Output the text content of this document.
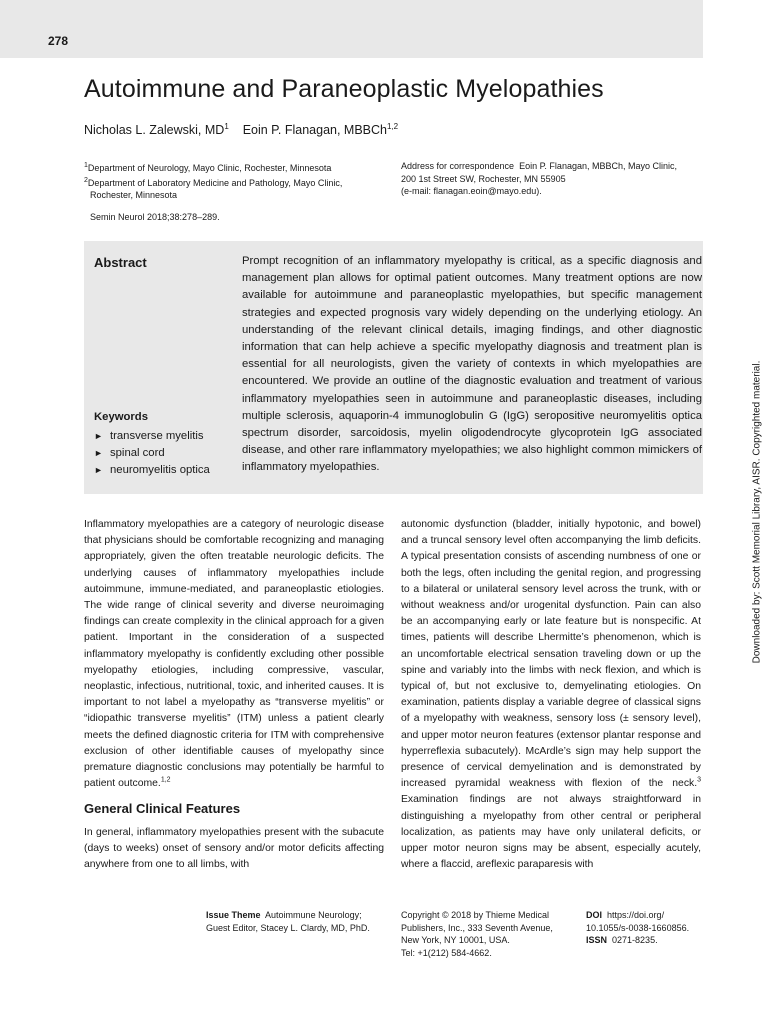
278
Autoimmune and Paraneoplastic Myelopathies
Nicholas L. Zalewski, $MD^1$ Eoin P. Flanagan, MBBCh$^{1,2}$
$^1$Department of Neurology, Mayo Clinic, Rochester, Minnesota
$^2$Department of Laboratory Medicine and Pathology, Mayo Clinic,
Rochester, Minnesota
Address for correspondence Eoin P. Flanagan, MBBCh, Mayo Clinic,
200 1st Street SW, Rochester, MN 55905
(e-mail: flanagan.eoin@mayo.edu).
Semin Neurol 2018;38:278–289.
Abstract	Prompt recognition of an inflammatory myelopathy is critical, as a specific diagnosis and management plan allows for optimal patient outcomes. Many treatment options are now available for autoimmune and paraneoplastic myelopathies, but specific management strategies and expected prognosis vary widely depending on the underlying etiology. An understanding of the relevant clinical details, imaging findings, and other diagnostic information that can help achieve a specific myelopathy diagnosis and treatment plan is essential for all neurologists, given the variety of contexts in which myelopathies are encountered. We provide an outline of the diagnostic evaluation and treatment of various inflammatory myelopathies seen in autoimmune and paraneoplastic diseases, including multiple sclerosis, aquaporin-4 immunoglobulin G (IgG) seropositive neuromyelitis optica spectrum disorder, sarcoidosis, myelin oligodendrocyte glycoprotein IgG associated disease, and other rare inflammatory myelopathies; we also highlight common mimickers of inflammatory myelopathies.

Keywords
► transverse myelitis
► spinal cord
► neuromyelitis optica

Inflammatory myelopathies are a category of neurologic disease that physicians should be comfortable recognizing and managing appropriately, given the often treatable neurologic deficits. The underlying causes of inflammatory myelopathies include autoimmune, immune-mediated, and paraneoplastic etiologies. The wide range of clinical severity and diverse neuroimaging findings can create complexity in the clinical approach for a given patient. Important in the consideration of a suspected inflammatory myelopathy is confidently excluding other possible myelopathy etiologies, including compressive, vascular, neoplastic, infectious, nutritional, toxic, and inherited causes. It is important to not label a myelopathy as “transverse myelitis” or “idiopathic transverse myelitis” (ITM) unless a patient clearly meets the defined diagnostic criteria for ITM with comprehensive exclusion of other identifiable causes of myelopathy since premature diagnostic conclusions may potentially be harmful to patient outcome.$^{1,2}$

General Clinical Features

In general, inflammatory myelopathies present with the subacute (days to weeks) onset of sensory and/or motor deficits affecting anywhere from one to all limbs, with

autonomic dysfunction (bladder, initially hypotonic, and bowel) and a truncal sensory level often accompanying the limb deficits. A typical presentation consists of ascending numbness of one or both the legs, often including the genital region, and progressing to a bilateral or unilateral sensory level across the trunk, with or without weakness and/or urogenital dysfunction. Pain can also be an accompanying early or late feature but is nonspecific. At times, patients will describe Lhermitte’s phenomenon, which is an uncomfortable electrical sensation traveling down or up the spine and variably into the limbs with neck flexion, and which is typical of, but not exclusive to, demyelinating etiologies. On examination, patients display a variable degree of classical signs of a myelopathy with weakness, sensory loss (± sensory level), and upper motor neuron features (extensor plantar response and hyperreflexia subacutely). McArdle’s sign may help support the presence of cervical demyelination and is demonstrated by increased pyramidal weakness with flexion of the neck.$^3$ Examination findings are not always straightforward in distinguishing a myelopathy from other central or peripheral localization, as patients may have only unilateral deficits, or upper motor neuron signs may be absent, especially acutely, where a flaccid, areflexic paraparesis with

Issue Theme Autoimmune Neurology;
Guest Editor, Stacey L. Clardy, MD, PhD.
Copyright © 2018 by Thieme Medical
Publishers, Inc., 333 Seventh Avenue,
New York, NY 10001, USA.
Tel: +1(212) 584-4662.
DOI https://doi.org/
10.1055/s-0038-1660856.
ISSN 0271-8235.
Downloaded by: Scott Memorial Library, AISR. Copyrighted material.
